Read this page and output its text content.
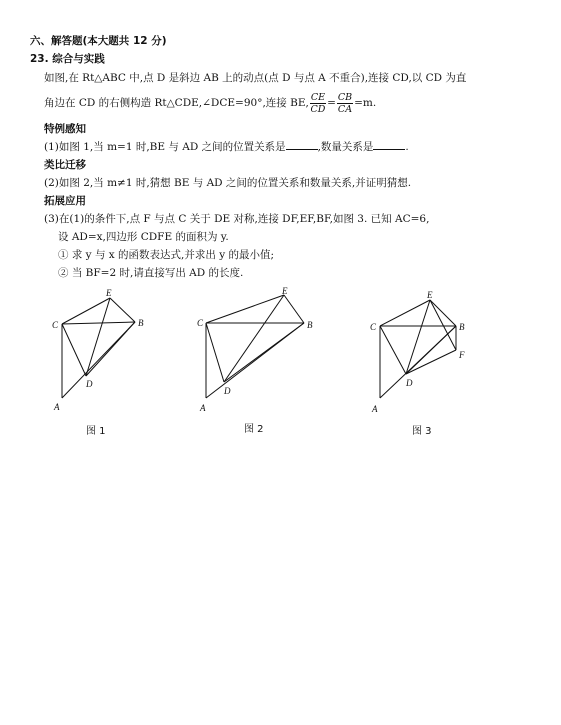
六、解答题(本大题共 12 分)
23. 综合与实践
如图,在 Rt△ABC 中,点 D 是斜边 AB 上的动点(点 D 与点 A 不重合),连接 CD,以 CD 为直
角边在 CD 的右侧构造 Rt△CDE,∠DCE=90°,连接 BE, $\frac{CE}{CD} = \frac{CB}{CA} =m$.
特例感知
(1)如图 1,当 m=1 时,BE 与 AD 之间的位置关系是	,数量关系是	.
类比迁移
(2)如图 2,当 m≠1 时,猜想 BE 与 AD 之间的位置关系和数量关系,并证明猜想.
拓展应用
(3)在(1)的条件下,点 F 与点 C 关于 DE 对称,连接 DF,EF,BF,如图 3. 已知 AC=6,
设 AD=x,四边形 CDFE 的面积为 y.
① 求 y 与 x 的函数表达式,并求出 y 的最小值;
② 当 BF=2 时,请直接写出 AD 的长度.
E
C	B
D
A
图 1
E
C	B
D
A
图 2
E
C	B
F
D
A
图 3
